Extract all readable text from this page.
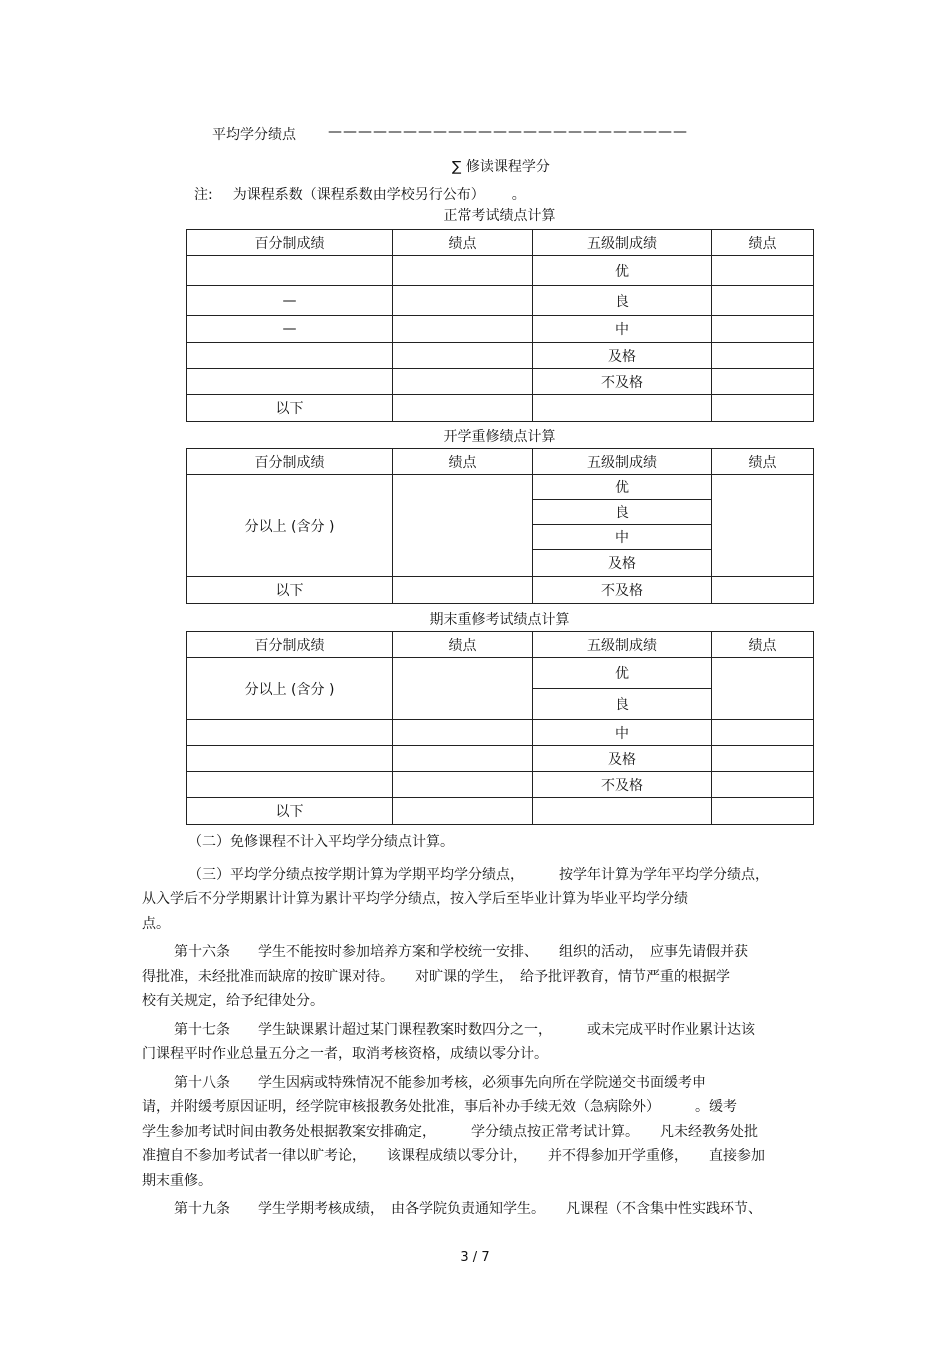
平均学分绩点 ————————————————————————
∑ 修读课程学分
注: 为课程系数（课程系数由学校另行公布） 。
正常考试绩点计算
百分制成绩	绩点	五级制成绩	绩点
		优	
—		良	
—		中	
		及格	
		不及格	
以下			
开学重修绩点计算
百分制成绩	绩点	五级制成绩	绩点
分以上 (含分 )		优	
		良	
		中	
		及格	
以下		不及格	
期末重修考试绩点计算
百分制成绩	绩点	五级制成绩	绩点
分以上 (含分 )		优	
		良	
		中	
		及格	
		不及格	
以下			

（二）免修课程不计入平均学分绩点计算。

（三）平均学分绩点按学期计算为学期平均学分绩点，　　　按学年计算为学年平均学分绩点，

从入学后不分学期累计计算为累计平均学分绩点，按入学后至毕业计算为毕业平均学分绩

点。

第十六条　　学生不能按时参加培养方案和学校统一安排、　　组织的活动，　应事先请假并获

得批准，未经批准而缺席的按旷课对待。　　对旷课的学生，　给予批评教育，情节严重的根据学

校有关规定，给予纪律处分。

第十七条　　学生缺课累计超过某门课程教案时数四分之一，　　　或未完成平时作业累计达该

门课程平时作业总量五分之一者，取消考核资格，成绩以零分计。

第十八条　　学生因病或特殊情况不能参加考核，必须事先向所在学院递交书面缓考申

请，并附缓考原因证明，经学院审核报教务处批准，事后补办手续无效（急病除外）　　　。缓考

学生参加考试时间由教务处根据教案安排确定，　　　学分绩点按正常考试计算。　　凡未经教务处批

准擅自不参加考试者一律以旷考论，　　该课程成绩以零分计，　　并不得参加开学重修，　　直接参加

期末重修。

第十九条　　学生学期考核成绩，　由各学院负责通知学生。　　凡课程（不含集中性实践环节、

3 / 7
